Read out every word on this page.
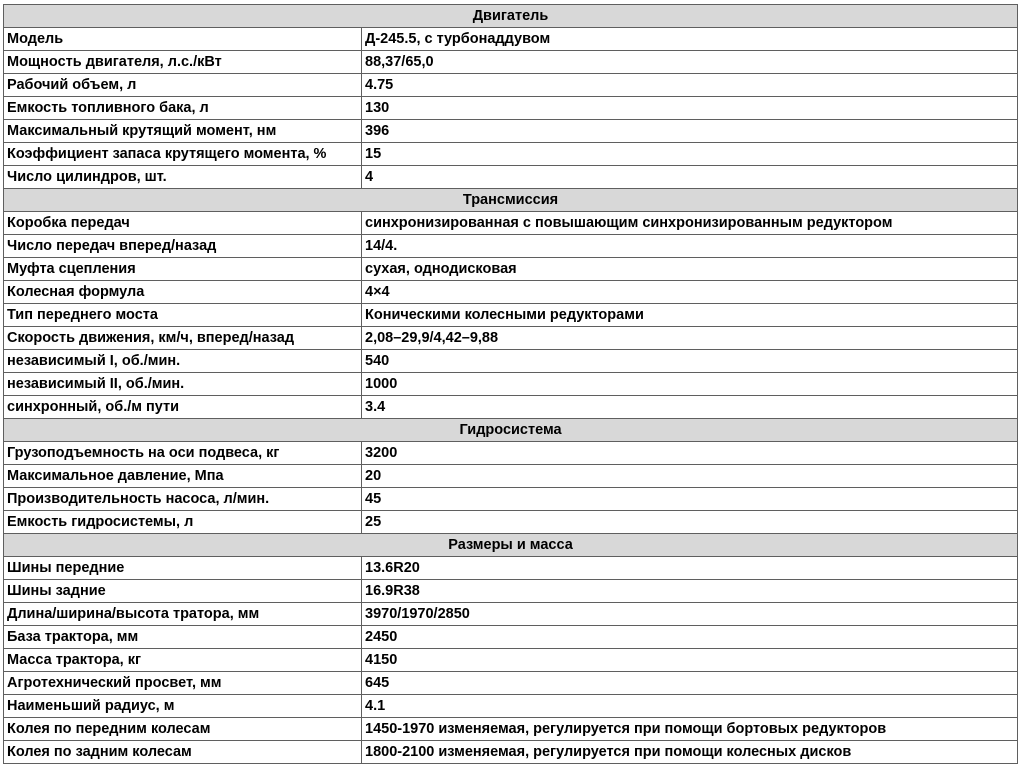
Двигатель	
Модель	Д-245.5, с турбонаддувом
Мощность двигателя, л.с./кВт	88,37/65,0
Рабочий объем, л	4.75
Емкость топливного бака, л	130
Максимальный крутящий момент, нм	396
Коэффициент запаса крутящего момента, %	15
Число цилиндров, шт.	4
Трансмиссия	
Коробка передач	синхронизированная с повышающим синхронизированным редуктором
Число передач вперед/назад	14/4.
Муфта сцепления	сухая, однодисковая
Колесная формула	4×4
Тип переднего моста	Коническими колесными редукторами
Скорость движения, км/ч, вперед/назад	2,08–29,9/4,42–9,88
независимый I, об./мин.	540
независимый II, об./мин.	1000
синхронный, об./м пути	3.4
Гидросистема	
Грузоподъемность на оси подвеса, кг	3200
Максимальное давление, Мпа	20
Производительность насоса, л/мин.	45
Емкость гидросистемы, л	25
Размеры и масса	
Шины передние	13.6R20
Шины задние	16.9R38
Длина/ширина/высота тратора, мм	3970/1970/2850
База трактора, мм	2450
Масса трактора, кг	4150
Агротехнический просвет, мм	645
Наименьший радиус, м	4.1
Колея по передним колесам	1450-1970 изменяемая, регулируется при помощи бортовых редукторов
Колея по задним колесам	1800-2100 изменяемая, регулируется при помощи колесных дисков
